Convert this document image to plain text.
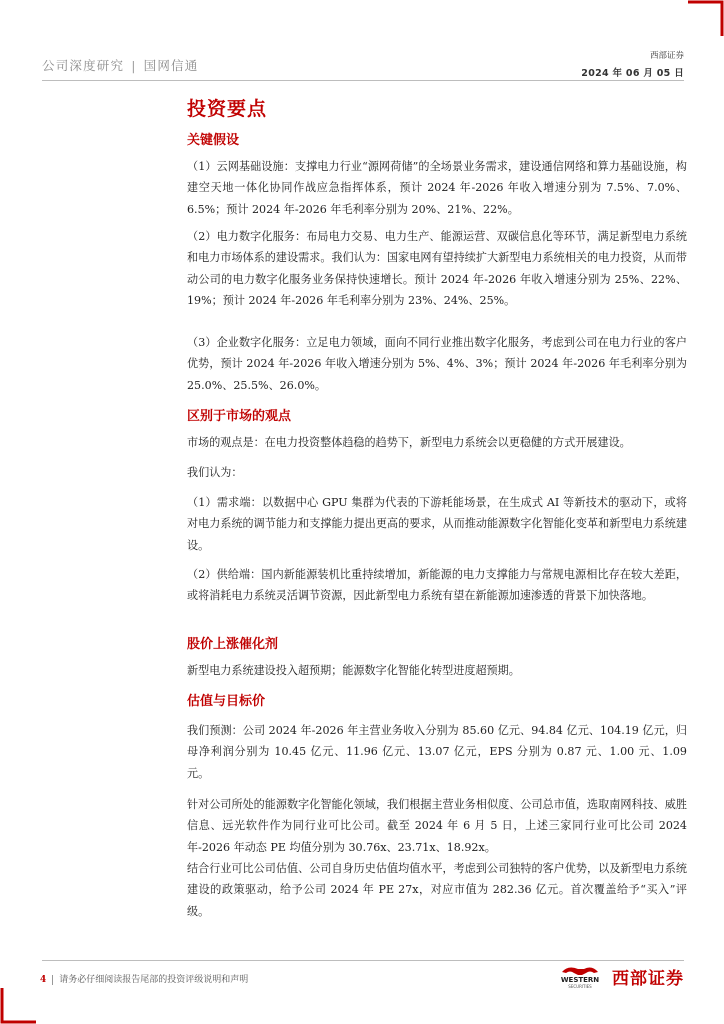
公司深度研究 | 国网信通
西部证券
2024 年 06 月 05 日
投资要点
关键假设
（1）云网基础设施：支撑电力行业“源网荷储”的全场景业务需求，建设通信网络和算力基础设施，构建空天地一体化协同作战应急指挥体系，预计 2024 年-2026 年收入增速分别为 7.5%、7.0%、6.5%；预计 2024 年-2026 年毛利率分别为 20%、21%、22%。
（2）电力数字化服务：布局电力交易、电力生产、能源运营、双碳信息化等环节，满足新型电力系统和电力市场体系的建设需求。我们认为：国家电网有望持续扩大新型电力系统相关的电力投资，从而带动公司的电力数字化服务业务保持快速增长。预计 2024 年-2026 年收入增速分别为 25%、22%、19%；预计 2024 年-2026 年毛利率分别为 23%、24%、25%。
（3）企业数字化服务：立足电力领域，面向不同行业推出数字化服务，考虑到公司在电力行业的客户优势，预计 2024 年-2026 年收入增速分别为 5%、4%、3%；预计 2024 年-2026 年毛利率分别为 25.0%、25.5%、26.0%。
区别于市场的观点
市场的观点是：在电力投资整体趋稳的趋势下，新型电力系统会以更稳健的方式开展建设。
我们认为：
（1）需求端：以数据中心 GPU 集群为代表的下游耗能场景，在生成式 AI 等新技术的驱动下，或将对电力系统的调节能力和支撑能力提出更高的要求，从而推动能源数字化智能化变革和新型电力系统建设。
（2）供给端：国内新能源装机比重持续增加，新能源的电力支撑能力与常规电源相比存在较大差距，或将消耗电力系统灵活调节资源，因此新型电力系统有望在新能源加速渗透的背景下加快落地。
股价上涨催化剂
新型电力系统建设投入超预期；能源数字化智能化转型进度超预期。
估值与目标价
我们预测：公司 2024 年-2026 年主营业务收入分别为 85.60 亿元、94.84 亿元、104.19 亿元，归母净利润分别为 10.45 亿元、11.96 亿元、13.07 亿元，EPS 分别为 0.87 元、1.00 元、1.09 元。
针对公司所处的能源数字化智能化领域，我们根据主营业务相似度、公司总市值，选取南网科技、威胜信息、远光软件作为同行业可比公司。截至 2024 年 6 月 5 日，上述三家同行业可比公司 2024 年-2026 年动态 PE 均值分别为 30.76x、23.71x、18.92x。
结合行业可比公司估值、公司自身历史估值均值水平，考虑到公司独特的客户优势，以及新型电力系统建设的政策驱动，给予公司 2024 年 PE 27x，对应市值为 282.36 亿元。首次覆盖给予“买入”评级。
4 请务必仔细阅读报告尾部的投资评级说明和声明	WESTERN
SECURITIES 西部证券
